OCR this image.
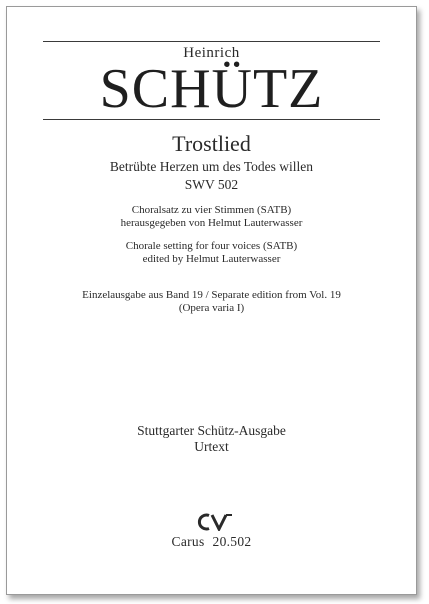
Heinrich
SCHÜTZ
Trostlied
Betrübte Herzen um des Todes willen
SWV 502
Choralsatz zu vier Stimmen (SATB)
herausgegeben von Helmut Lauterwasser
Chorale setting for four voices (SATB)
edited by Helmut Lauterwasser
Einzelausgabe aus Band 19 / Separate edition from Vol. 19
(Opera varia I)
Stuttgarter Schütz-Ausgabe
Urtext
Carus 20.502
